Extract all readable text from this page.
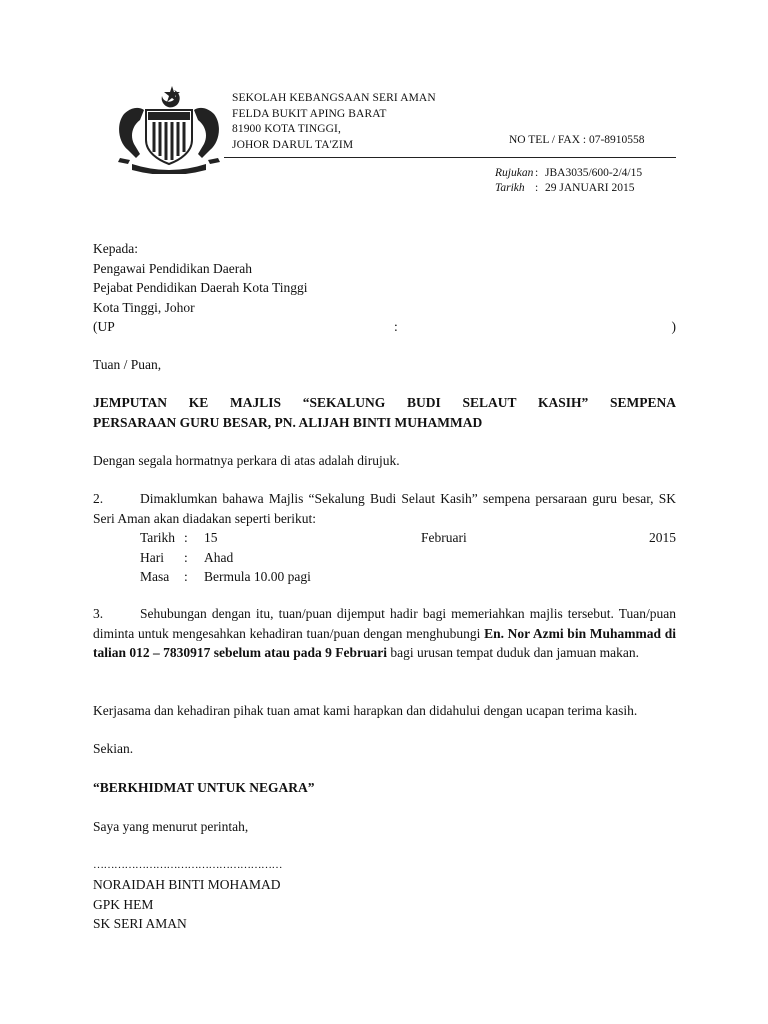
SEKOLAH KEBANGSAAN SERI AMAN
FELDA BUKIT APING BARAT
81900 KOTA TINGGI,
JOHOR DARUL TA'ZIM	NO TEL / FAX : 07-8910558
Rujukan : JBA3035/600-2/4/15
Tarikh : 29 JANUARI 2015
Kepada:
Pengawai Pendidikan Daerah
Pejabat Pendidikan Daerah Kota Tinggi
Kota Tinggi, Johor
(UP	:	)
Tuan / Puan,
JEMPUTAN KE MAJLIS “SEKALUNG BUDI SELAUT KASIH” SEMPENA
PERSARAAN GURU BESAR, PN. ALIJAH BINTI MUHAMMAD
Dengan segala hormatnya perkara di atas adalah dirujuk.
2.	Dimaklumkan bahawa Majlis “Sekalung Budi Selaut Kasih” sempena persaraan guru besar, SK Seri Aman akan diadakan seperti berikut:
Tarikh : 15	Februari	2015
Hari : Ahad
Masa : Bermula 10.00 pagi
3.	Sehubungan dengan itu, tuan/puan dijemput hadir bagi memeriahkan majlis tersebut. Tuan/puan diminta untuk mengesahkan kehadiran tuan/puan dengan menghubungi En. Nor Azmi bin Muhammad di talian 012 – 7830917 sebelum atau pada 9 Februari bagi urusan tempat duduk dan jamuan makan.
Kerjasama dan kehadiran pihak tuan amat kami harapkan dan didahului dengan ucapan terima kasih.
Sekian.
“BERKHIDMAT UNTUK NEGARA”
Saya yang menurut perintah,
………………………………………………
NORAIDAH BINTI MOHAMAD
GPK HEM
SK SERI AMAN
